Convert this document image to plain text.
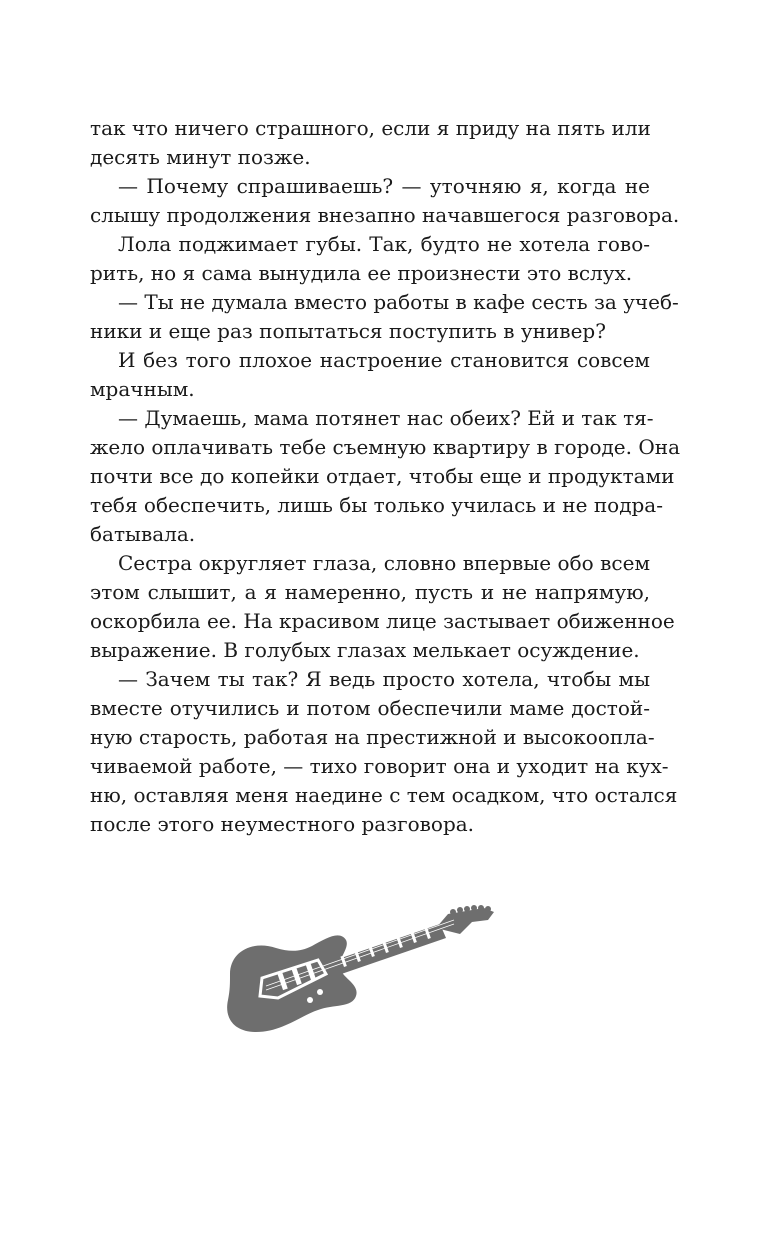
так что ничего страшного, если я приду на пять или
десять минут позже.
— Почему спрашиваешь? — уточняю я, когда не
слышу продолжения внезапно начавшегося разговора.
Лола поджимает губы. Так, будто не хотела гово-
рить, но я сама вынудила ее произнести это вслух.
— Ты не думала вместо работы в кафе сесть за учеб-
ники и еще раз попытаться поступить в универ?
И без того плохое настроение становится совсем
мрачным.
— Думаешь, мама потянет нас обеих? Ей и так тя-
жело оплачивать тебе съемную квартиру в городе. Она
почти все до копейки отдает, чтобы еще и продуктами
тебя обеспечить, лишь бы только училась и не подра-
батывала.
Сестра округляет глаза, словно впервые обо всем
этом слышит, а я намеренно, пусть и не напрямую,
оскорбила ее. На красивом лице застывает обиженное
выражение. В голубых глазах мелькает осуждение.
— Зачем ты так? Я ведь просто хотела, чтобы мы
вместе отучились и потом обеспечили маме достой-
ную старость, работая на престижной и высокоопла-
чиваемой работе, — тихо говорит она и уходит на кух-
ню, оставляя меня наедине с тем осадком, что остался
после этого неуместного разговора.
